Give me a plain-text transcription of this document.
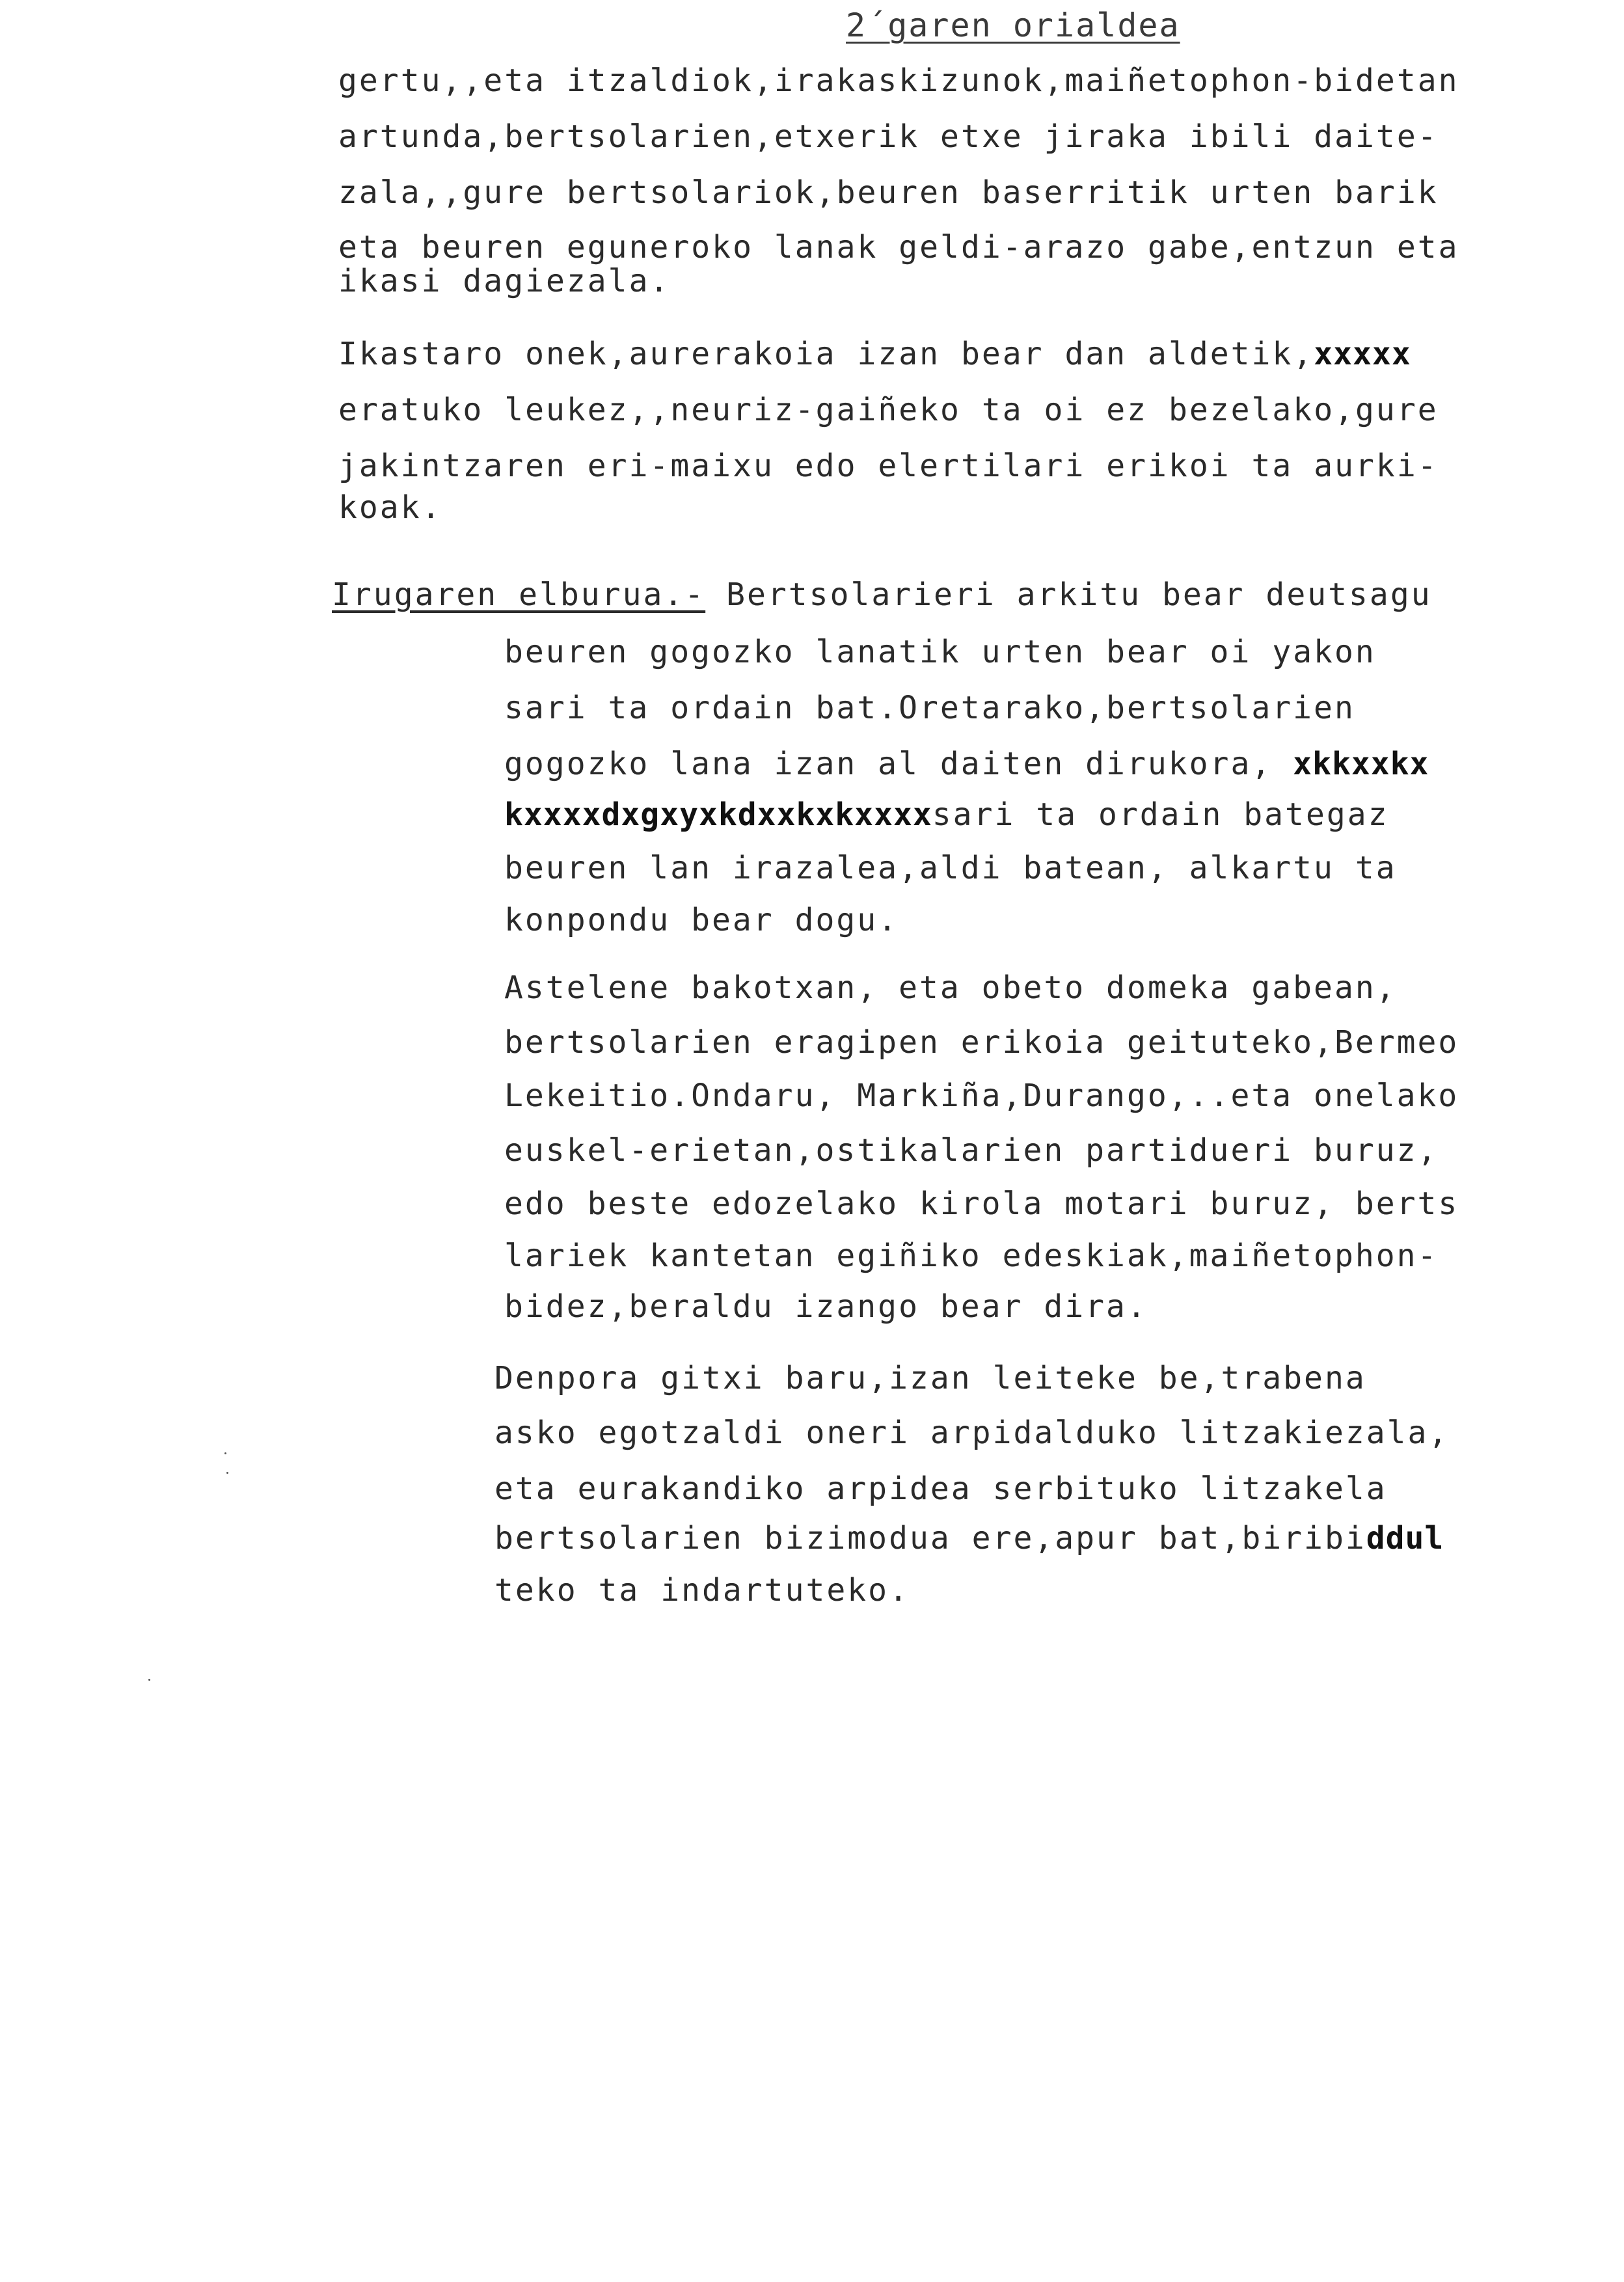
2´garen orialdea
gertu,,eta itzaldiok,irakaskizunok,maiñetophon-bidetan
artunda,bertsolarien,etxerik etxe jiraka ibili daite-
zala,,gure bertsolariok,beuren baserritik urten barik
eta beuren eguneroko lanak geldi-arazo gabe,entzun eta
ikasi dagiezala.
Ikastaro onek,aurerakoia izan bear dan aldetik,xxxxx
eratuko leukez,,neuriz-gaiñeko ta oi ez bezelako,gure
jakintzaren eri-maixu edo elertilari erikoi ta aurki-
koak.
Irugaren elburua.- Bertsolarieri arkitu bear deutsagu
beuren gogozko lanatik urten bear oi yakon
sari ta ordain bat.Oretarako,bertsolarien
gogozko lana izan al daiten dirukora, xkkxxkx
kxxxxdxgxyxkdxxkxkxxxxsari ta ordain bategaz
beuren lan irazalea,aldi batean, alkartu ta
konpondu bear dogu.
Astelene bakotxan, eta obeto domeka gabean,
bertsolarien eragipen erikoia geituteko,Bermeo
Lekeitio.Ondaru, Markiña,Durango,..eta onelako
euskel-erietan,ostikalarien partidueri buruz,
edo beste edozelako kirola motari buruz, berts
lariek kantetan egiñiko edeskiak,maiñetophon-
bidez,beraldu izango bear dira.
Denpora gitxi baru,izan leiteke be,trabena
asko egotzaldi oneri arpidalduko litzakiezala,
eta eurakandiko arpidea serbituko litzakela
bertsolarien bizimodua ere,apur bat,biribiddul
teko ta indartuteko.
